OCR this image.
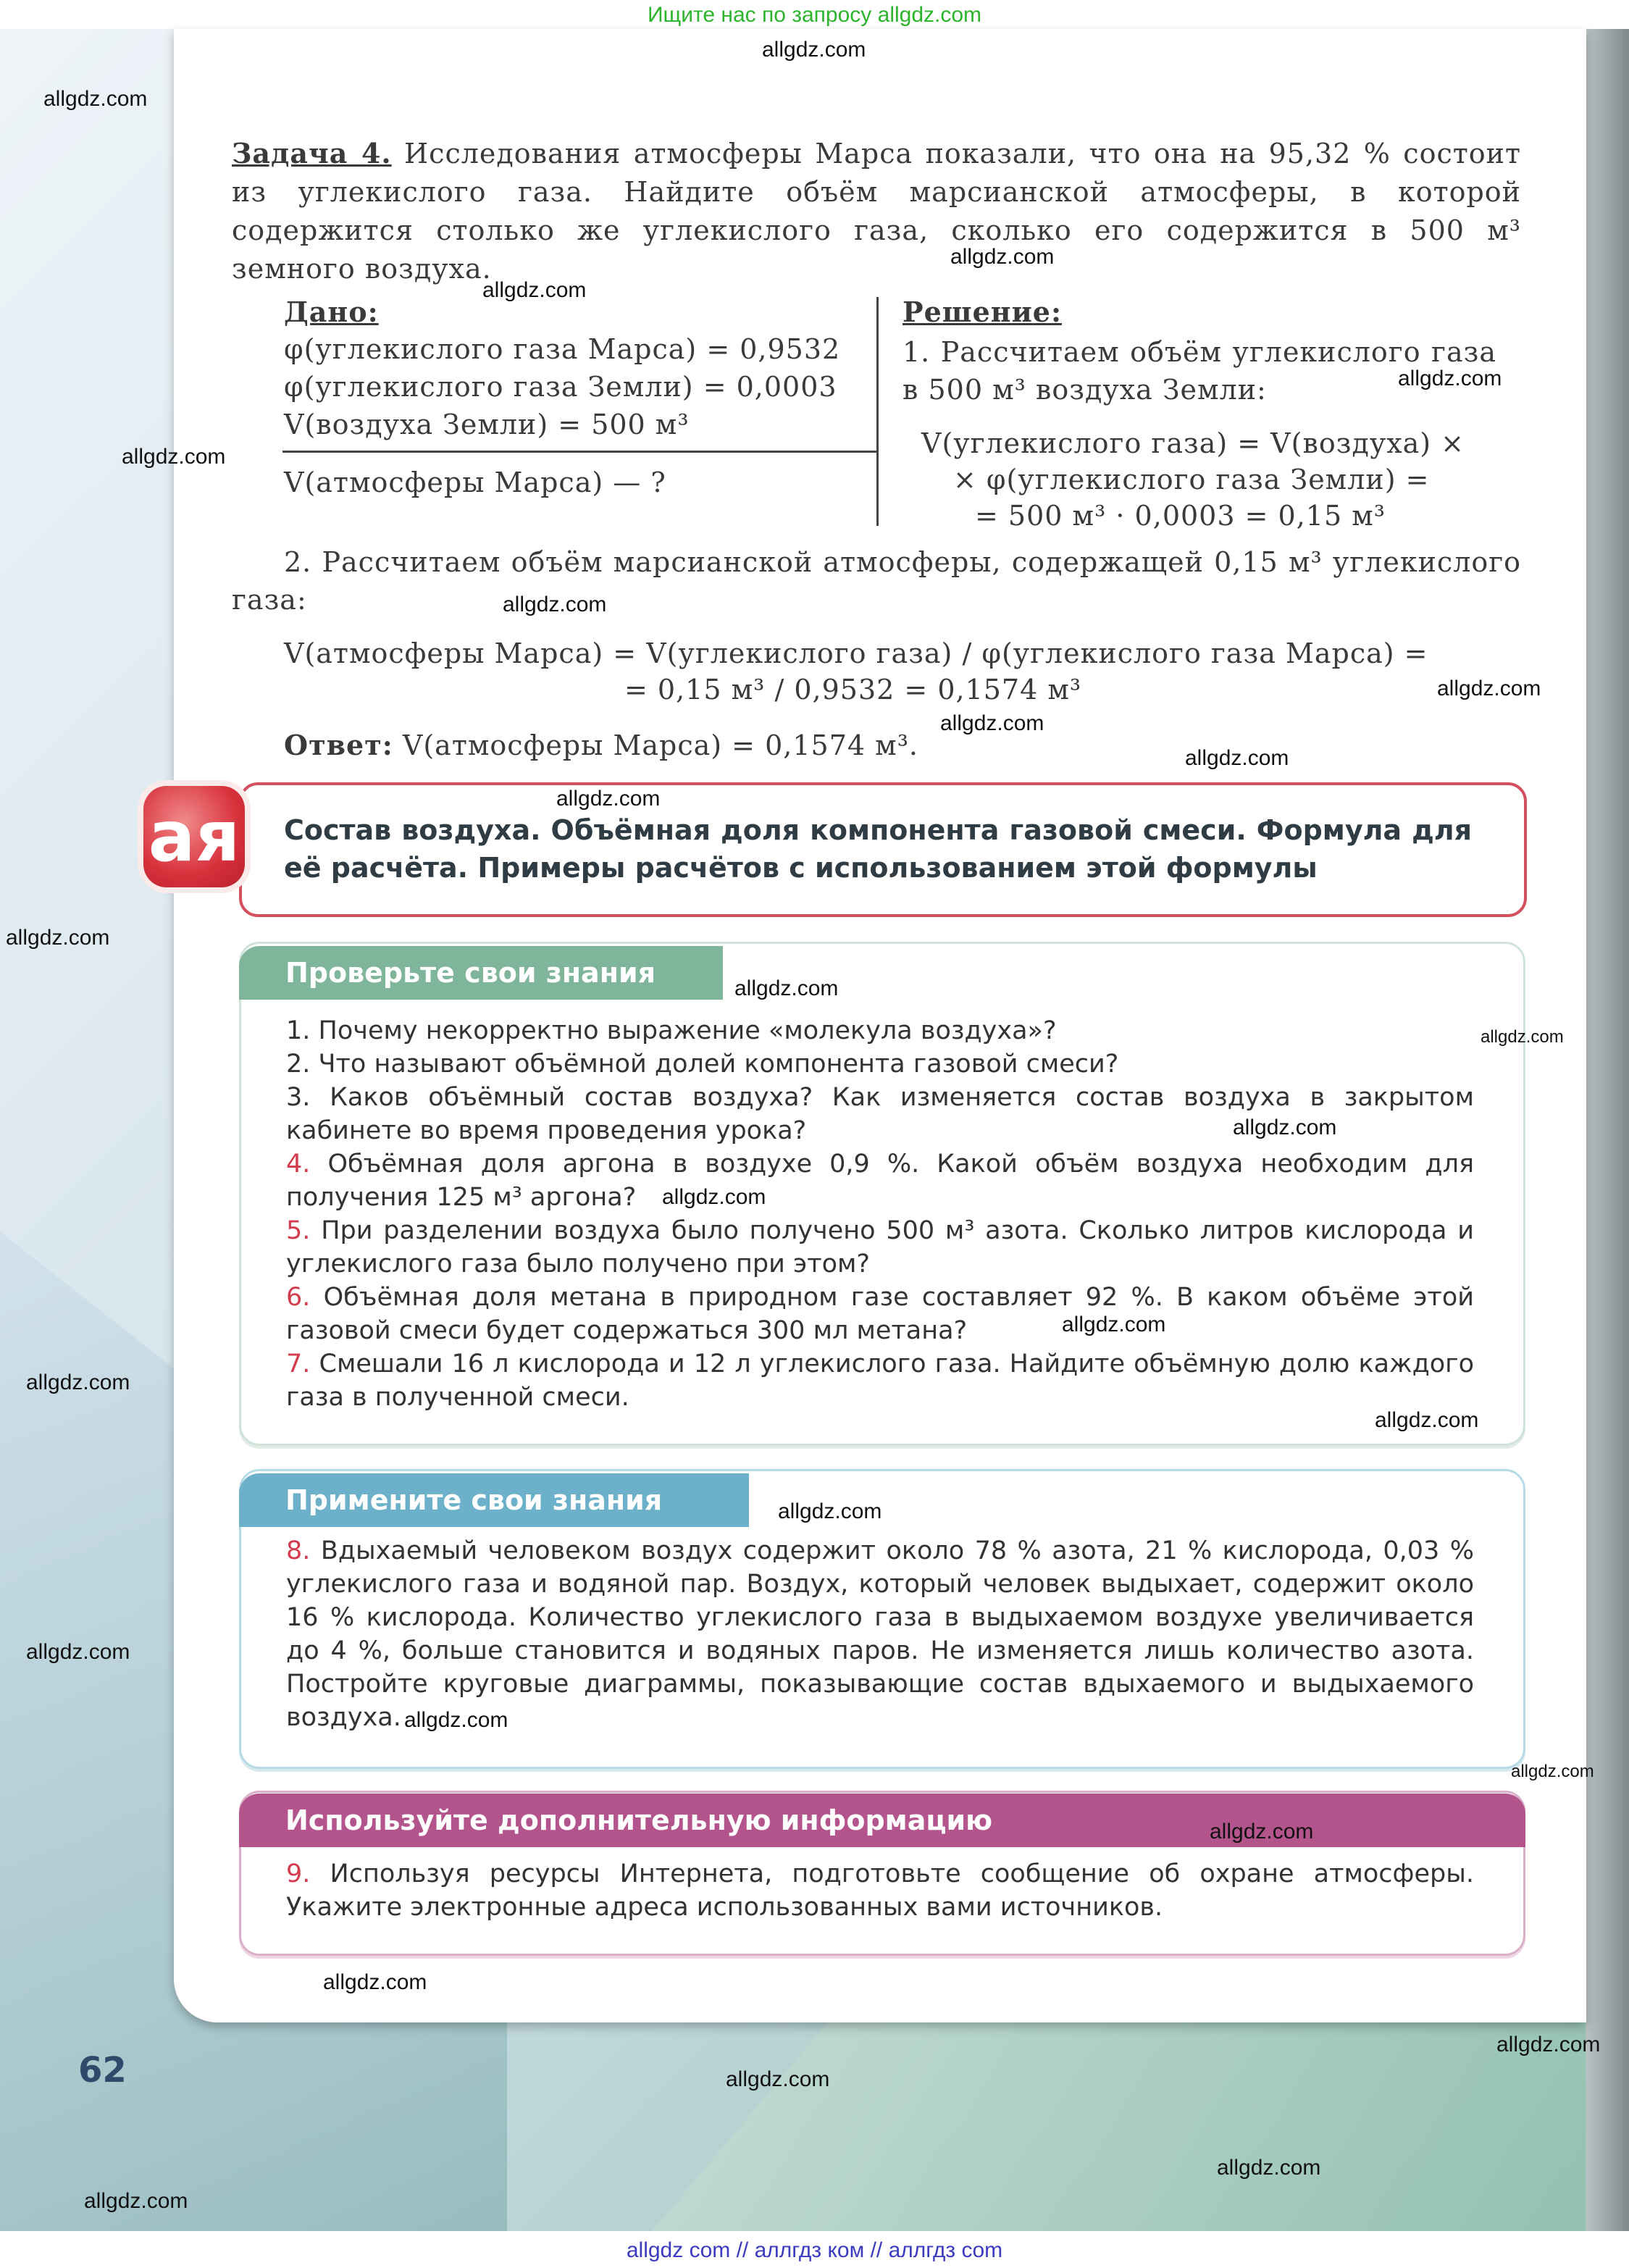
Ищите нас по запросу allgdz.com
Задача 4. Исследования атмосферы Марса показали, что она на 95,32 % состоит из углекислого газа. Найдите объём марсианской атмосферы, в которой содержится столько же углекислого газа, сколько его содержится в 500 м³ земного воздуха.
Дано:
φ(углекислого газа Марса) = 0,9532
φ(углекислого газа Земли) = 0,0003
V(воздуха Земли) = 500 м³
V(атмосферы Марса) — ?
Решение:
1. Рассчитаем объём углекислого газа в 500 м³ воздуха Земли:
V(углекислого газа) = V(воздуха) ×
× φ(углекислого газа Земли) =
= 500 м³ · 0,0003 = 0,15 м³
2. Рассчитаем объём марсианской атмосферы, содержащей 0,15 м³ углекислого газа:
V(атмосферы Марса) = V(углекислого газа) / φ(углекислого газа Марса) =
= 0,15 м³ / 0,9532 = 0,1574 м³
Ответ: V(атмосферы Марса) = 0,1574 м³.
ая Состав воздуха. Объёмная доля компонента газовой смеси. Формула для её расчёта. Примеры расчётов с использованием этой формулы
Проверьте свои знания
1. Почему некорректно выражение «молекула воздуха»?
2. Что называют объёмной долей компонента газовой смеси?
3. Каков объёмный состав воздуха? Как изменяется состав воздуха в закрытом кабинете во время проведения урока?
4. Объёмная доля аргона в воздухе 0,9 %. Какой объём воздуха необходим для получения 125 м³ аргона?
5. При разделении воздуха было получено 500 м³ азота. Сколько литров кислорода и углекислого газа было получено при этом?
6. Объёмная доля метана в природном газе составляет 92 %. В каком объёме этой газовой смеси будет содержаться 300 мл метана?
7. Смешали 16 л кислорода и 12 л углекислого газа. Найдите объёмную долю каждого газа в полученной смеси.
Примените свои знания
8. Вдыхаемый человеком воздух содержит около 78 % азота, 21 % кислорода, 0,03 % углекислого газа и водяной пар. Воздух, который человек выдыхает, содержит около 16 % кислорода. Количество углекислого газа в выдыхаемом воздухе увеличивается до 4 %, больше становится и водяных паров. Не изменяется лишь количество азота. Постройте круговые диаграммы, показывающие состав вдыхаемого и выдыхаемого воздуха.
Используйте дополнительную информацию
9. Используя ресурсы Интернета, подготовьте сообщение об охране атмосферы. Укажите электронные адреса использованных вами источников.
62
allgdz.com
allgdz.com
allgdz.com
allgdz.com
allgdz.com
allgdz.com
allgdz.com
allgdz.com
allgdz.com
allgdz.com
allgdz.com
allgdz.com
allgdz.com
allgdz.com
allgdz.com
allgdz.com
allgdz.com
allgdz.com
allgdz.com
allgdz.com
allgdz.com
allgdz.com
allgdz.com
allgdz.com
allgdz.com
allgdz.com
allgdz.com
allgdz.com
allgdz.com
allgdz com // аллгдз ком // аллгдз com
